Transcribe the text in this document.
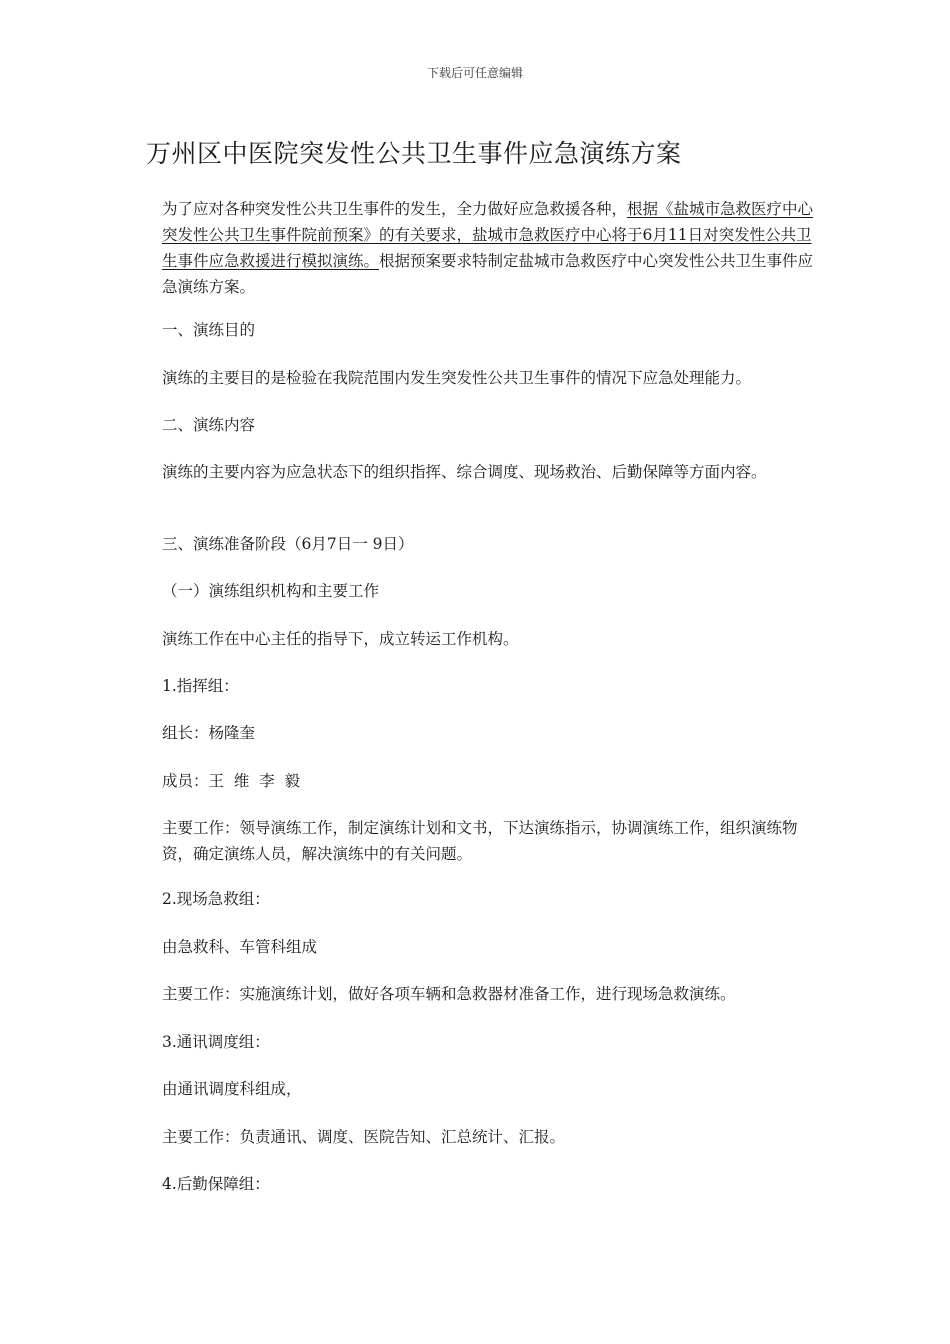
下载后可任意编辑
万州区中医院突发性公共卫生事件应急演练方案
为了应对各种突发性公共卫生事件的发生，全力做好应急救援各种，根据《盐城市急救医疗中心突发性公共卫生事件院前预案》的有关要求，盐城市急救医疗中心将于6月11日对突发性公共卫生事件应急救援进行模拟演练。根据预案要求特制定盐城市急救医疗中心突发性公共卫生事件应急演练方案。
一、演练目的
演练的主要目的是检验在我院范围内发生突发性公共卫生事件的情况下应急处理能力。
二、演练内容
演练的主要内容为应急状态下的组织指挥、综合调度、现场救治、后勤保障等方面内容。
三、演练准备阶段（6月7日一 9日）
（一）演练组织机构和主要工作
演练工作在中心主任的指导下，成立转运工作机构。
1.指挥组：
组长：杨隆奎
成员：王  维  李  毅
主要工作：领导演练工作，制定演练计划和文书，下达演练指示，协调演练工作，组织演练物资，确定演练人员，解决演练中的有关问题。
2.现场急救组：
由急救科、车管科组成
主要工作：实施演练计划，做好各项车辆和急救器材准备工作，进行现场急救演练。
3.通讯调度组：
由通讯调度科组成，
主要工作：负责通讯、调度、医院告知、汇总统计、汇报。
4.后勤保障组：
